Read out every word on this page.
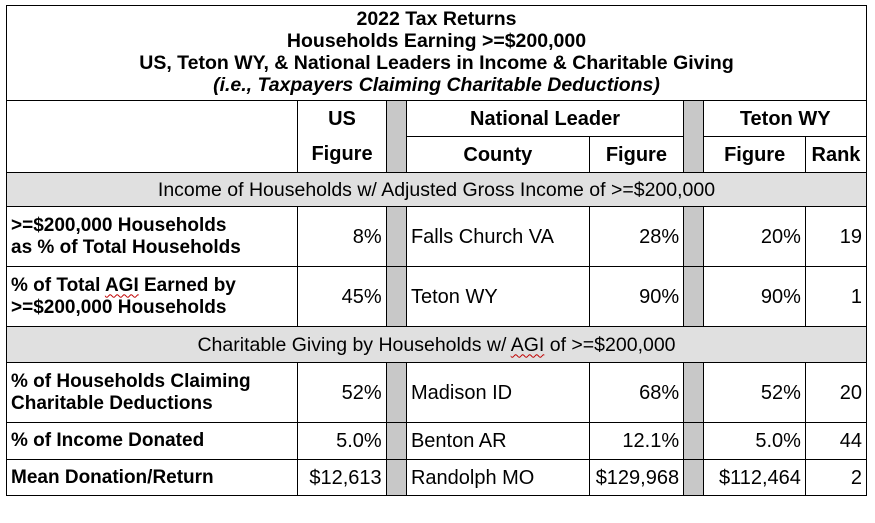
2022 Tax Returns
Households Earning >=$200,000
US, Teton WY, & National Leaders in Income & Charitable Giving
(i.e., Taxpayers Claiming Charitable Deductions)							

	US		National Leader			Teton WY	
	Figure		County	Figure		Figure	Rank
Income of Households w/ Adjusted Gross Income of >=$200,000							

>=$200,000 Households
as % of Total Households	8%		Falls Church VA	28%		20%	19

% of Total AGI Earned by
>=$200,000 Households	45%		Teton WY	90%		90%	1
Charitable Giving by Households w/ AGI of >=$200,000							

% of Households Claiming
Charitable Deductions	52%		Madison ID	68%		52%	20
% of Income Donated	5.0%		Benton AR	12.1%		5.0%	44
Mean Donation/Return	$12,613		Randolph MO	$129,968		$112,464	2
